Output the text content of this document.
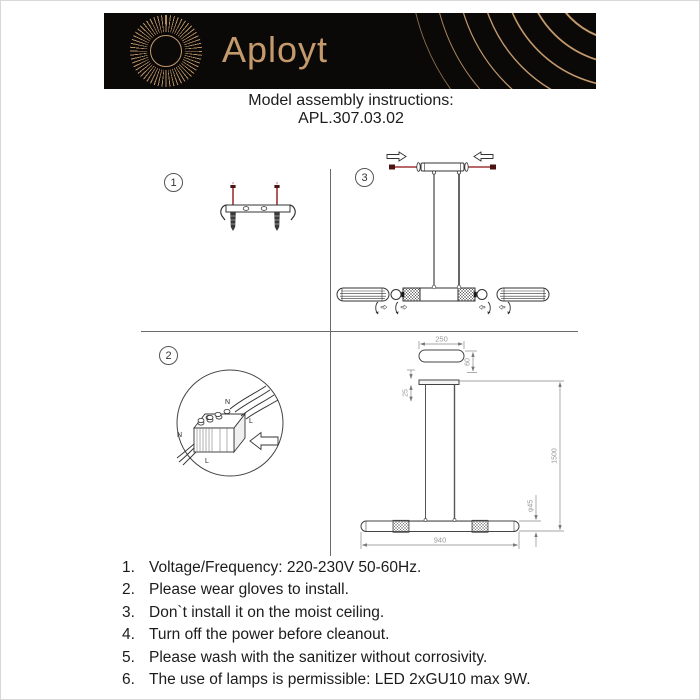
Aployt
Model assembly instructions:
APL.307.03.02
1	3
2
N
L
N
L
250
60
25
1500
φ45
940
1. Voltage/Frequency: 220-230V 50-60Hz.
2. Please wear gloves to install.
3. Don`t install it on the moist ceiling.
4. Turn off the power before cleanout.
5. Please wash with the sanitizer without corrosivity.
6. The use of lamps is permissible: LED 2xGU10 max 9W.
